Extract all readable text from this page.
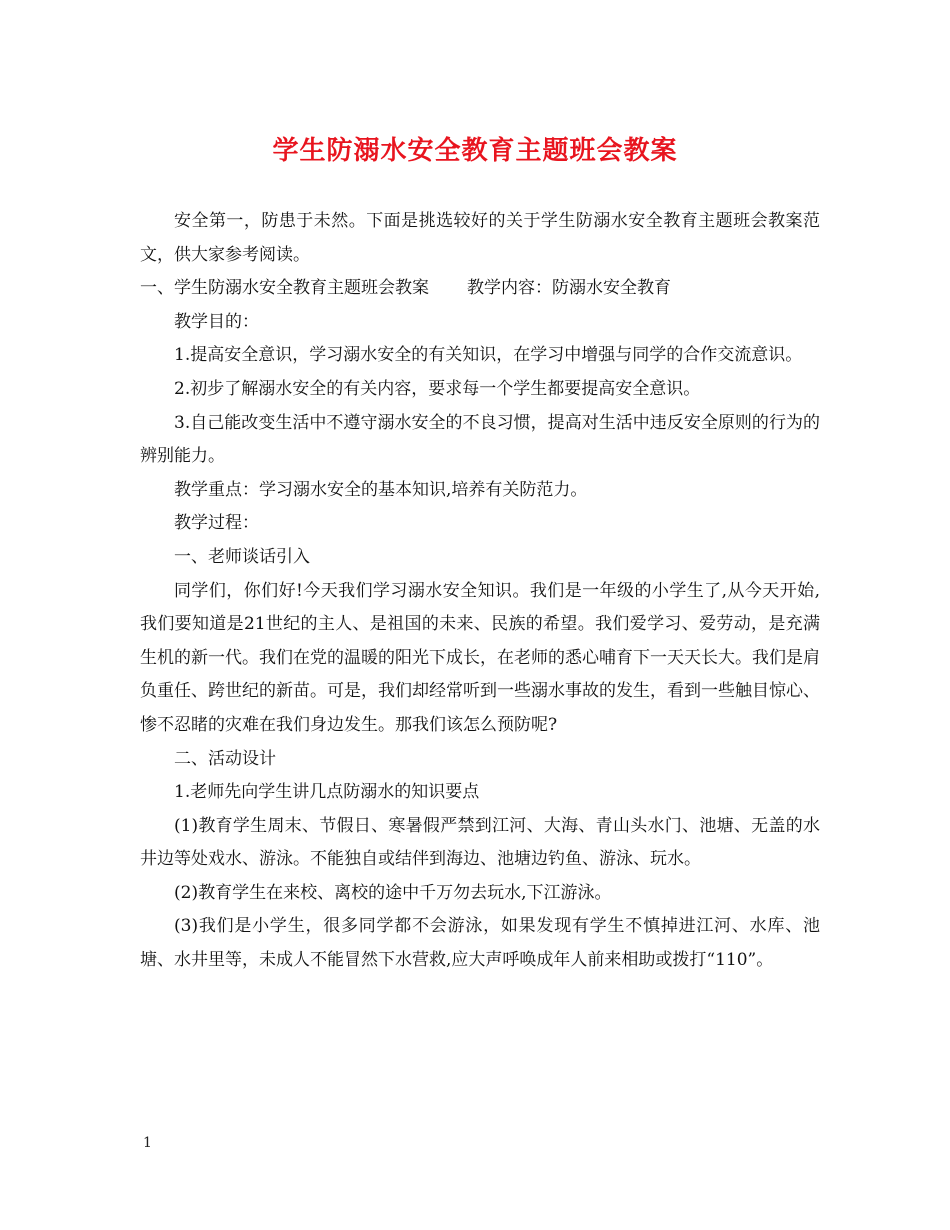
学生防溺水安全教育主题班会教案

安全第一，防患于未然。下面是挑选较好的关于学生防溺水安全教育主题班会教案范文，供大家参考阅读。

一、学生防溺水安全教育主题班会教案 教学内容：防溺水安全教育

教学目的：

1.提高安全意识，学习溺水安全的有关知识，在学习中增强与同学的合作交流意识。

2.初步了解溺水安全的有关内容，要求每一个学生都要提高安全意识。

3.自己能改变生活中不遵守溺水安全的不良习惯，提高对生活中违反安全原则的行为的辨别能力。

教学重点：学习溺水安全的基本知识,培养有关防范力。

教学过程：

一、老师谈话引入

同学们，你们好!今天我们学习溺水安全知识。我们是一年级的小学生了,从今天开始,我们要知道是21世纪的主人、是祖国的未来、民族的希望。我们爱学习、爱劳动，是充满生机的新一代。我们在党的温暖的阳光下成长，在老师的悉心哺育下一天天长大。我们是肩负重任、跨世纪的新苗。可是，我们却经常听到一些溺水事故的发生，看到一些触目惊心、惨不忍睹的灾难在我们身边发生。那我们该怎么预防呢?

二、活动设计

1.老师先向学生讲几点防溺水的知识要点

(1)教育学生周末、节假日、寒暑假严禁到江河、大海、青山头水门、池塘、无盖的水井边等处戏水、游泳。不能独自或结伴到海边、池塘边钓鱼、游泳、玩水。

(2)教育学生在来校、离校的途中千万勿去玩水,下江游泳。

(3)我们是小学生，很多同学都不会游泳，如果发现有学生不慎掉进江河、水库、池塘、水井里等，未成人不能冒然下水营救,应大声呼唤成年人前来相助或拨打“110”。

1
